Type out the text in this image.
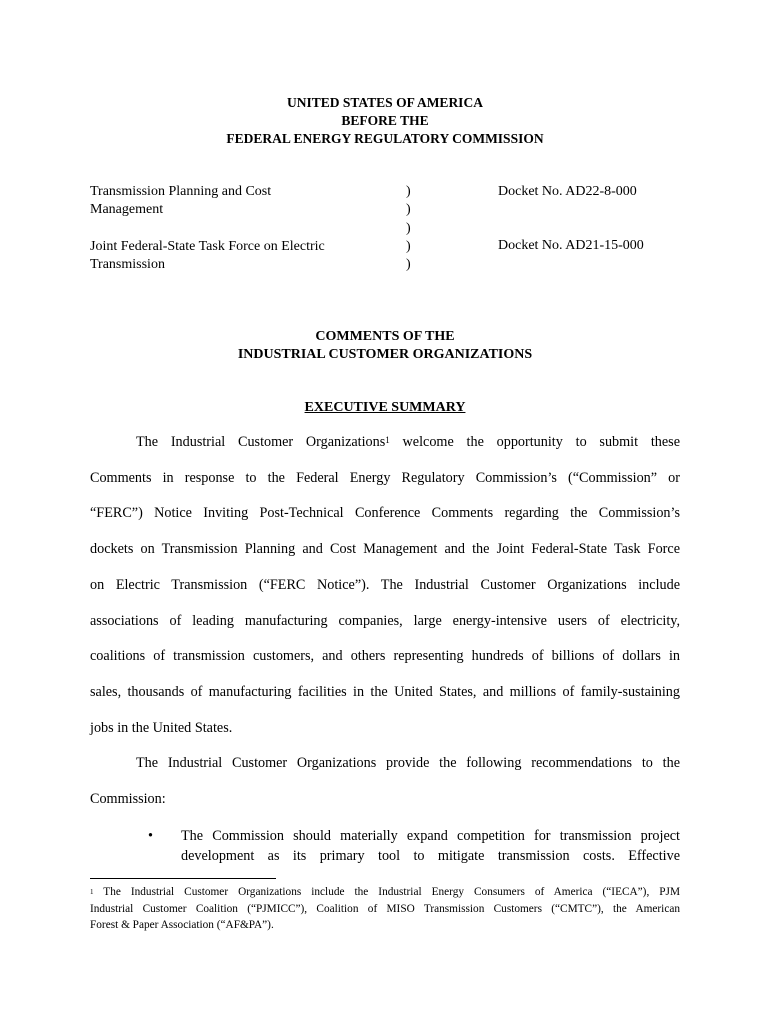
UNITED STATES OF AMERICA
BEFORE THE
FEDERAL ENERGY REGULATORY COMMISSION
Transmission Planning and Cost
Management
Joint Federal-State Task Force on Electric
Transmission
)
)
)
)
)
Docket No. AD22-8-000
Docket No. AD21-15-000
COMMENTS OF THE
INDUSTRIAL CUSTOMER ORGANIZATIONS
EXECUTIVE SUMMARY
The Industrial Customer Organizations$^1$ welcome the opportunity to submit these
Comments in response to the Federal Energy Regulatory Commission’s (“Commission” or
“FERC”) Notice Inviting Post-Technical Conference Comments regarding the Commission’s
dockets on Transmission Planning and Cost Management and the Joint Federal-State Task Force
on Electric Transmission (“FERC Notice”). The Industrial Customer Organizations include
associations of leading manufacturing companies, large energy-intensive users of electricity,
coalitions of transmission customers, and others representing hundreds of billions of dollars in
sales, thousands of manufacturing facilities in the United States, and millions of family-sustaining
jobs in the United States.
The Industrial Customer Organizations provide the following recommendations to the
Commission:
• The Commission should materially expand competition for transmission project
development as its primary tool to mitigate transmission costs. Effective
$^1$ The Industrial Customer Organizations include the Industrial Energy Consumers of America (“IECA”), PJM
Industrial Customer Coalition (“PJMICC”), Coalition of MISO Transmission Customers (“CMTC”), the American
Forest & Paper Association (“AF&PA”).
